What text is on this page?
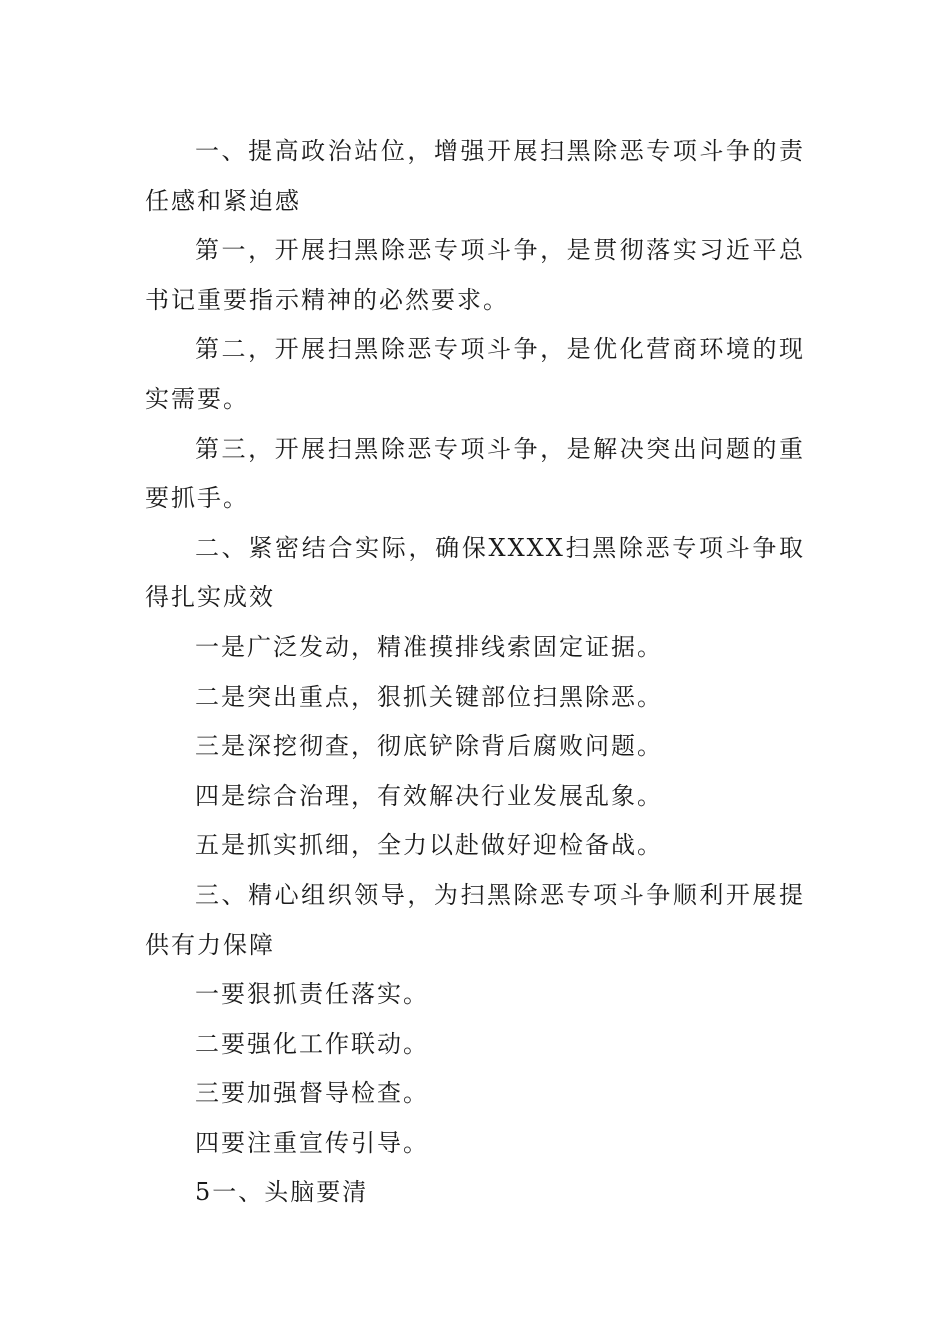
一、提高政治站位，增强开展扫黑除恶专项斗争的责任感和紧迫感

第一，开展扫黑除恶专项斗争，是贯彻落实习近平总书记重要指示精神的必然要求。

第二，开展扫黑除恶专项斗争，是优化营商环境的现实需要。

第三，开展扫黑除恶专项斗争，是解决突出问题的重要抓手。

二、紧密结合实际，确保XXXX扫黑除恶专项斗争取得扎实成效

一是广泛发动，精准摸排线索固定证据。

二是突出重点，狠抓关键部位扫黑除恶。

三是深挖彻查，彻底铲除背后腐败问题。

四是综合治理，有效解决行业发展乱象。

五是抓实抓细，全力以赴做好迎检备战。

三、精心组织领导，为扫黑除恶专项斗争顺利开展提供有力保障

一要狠抓责任落实。

二要强化工作联动。

三要加强督导检查。

四要注重宣传引导。

5一、头脑要清
